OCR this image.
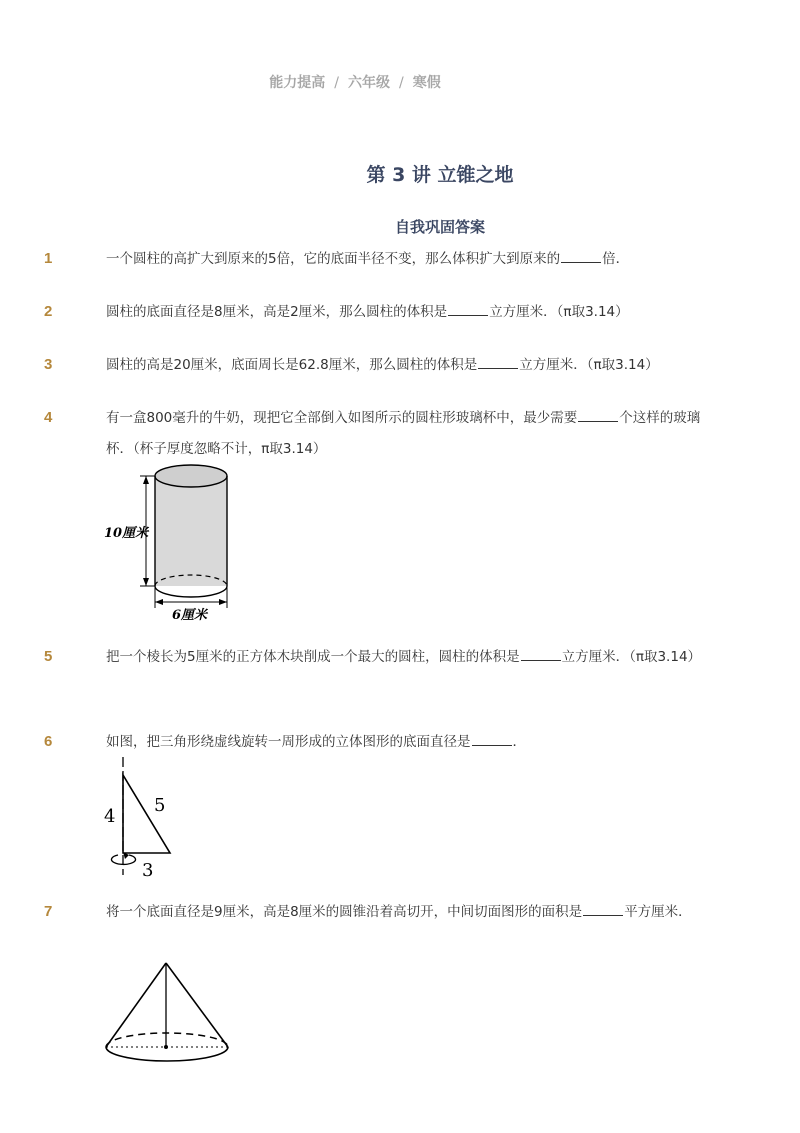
能力提高 / 六年级 / 寒假
第 3 讲 立锥之地
自我巩固答案
1	一个圆柱的高扩大到原来的5倍，它的底面半径不变，那么体积扩大到原来的	倍．
2	圆柱的底面直径是8厘米，高是2厘米，那么圆柱的体积是	立方厘米．（π取3.14）
3	圆柱的高是20厘米，底面周长是62.8厘米，那么圆柱的体积是	立方厘米．（π取3.14）
4	有一盒800毫升的牛奶，现把它全部倒入如图所示的圆柱形玻璃杯中，最少需要	个这样的玻璃杯．（杯子厚度忽略不计，π取3.14）
10厘米
6厘米
5	把一个棱长为5厘米的正方体木块削成一个最大的圆柱，圆柱的体积是	立方厘米．（π取3.14）
6	如图，把三角形绕虚线旋转一周形成的立体图形的底面直径是	．
4
5
3
7	将一个底面直径是9厘米，高是8厘米的圆锥沿着高切开，中间切面图形的面积是	平方厘米．
